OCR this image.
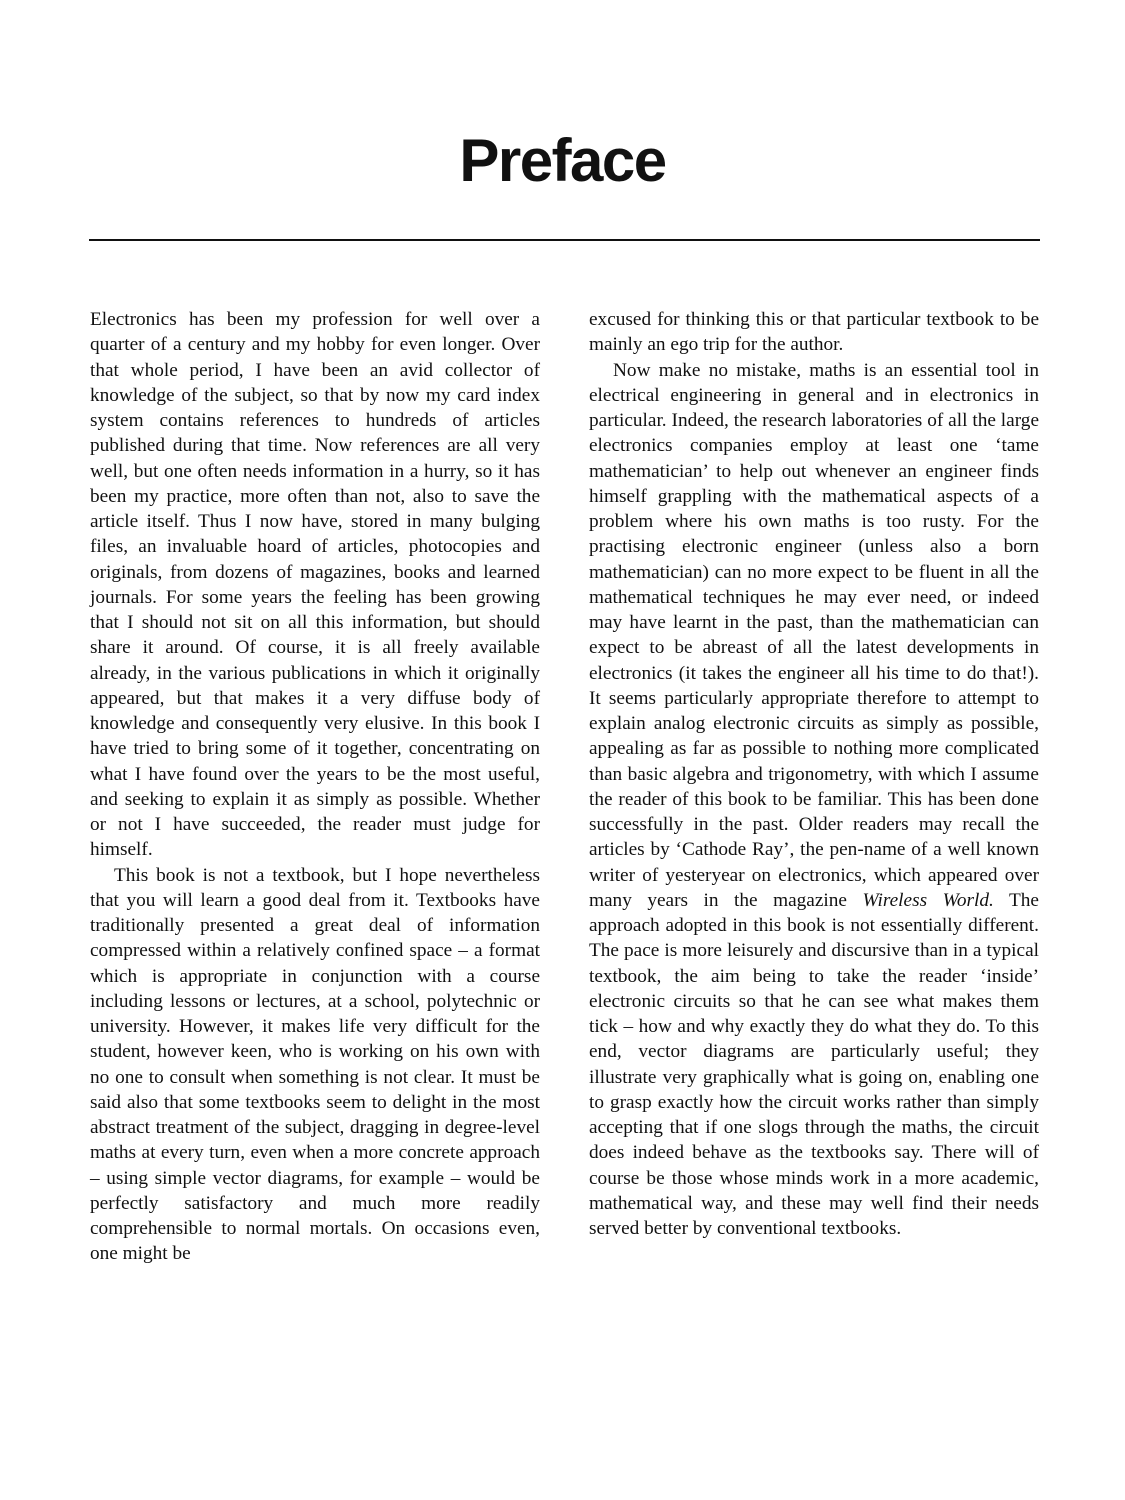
Preface

Electronics has been my profession for well over a quarter of a century and my hobby for even longer. Over that whole period, I have been an avid collector of knowledge of the subject, so that by now my card index system contains references to hundreds of articles published during that time. Now references are all very well, but one often needs information in a hurry, so it has been my practice, more often than not, also to save the article itself. Thus I now have, stored in many bulging files, an invaluable hoard of articles, photocopies and originals, from dozens of magazines, books and learned journals. For some years the feeling has been growing that I should not sit on all this information, but should share it around. Of course, it is all freely available already, in the various publications in which it originally appeared, but that makes it a very diffuse body of knowledge and consequently very elusive. In this book I have tried to bring some of it together, concentrating on what I have found over the years to be the most useful, and seeking to explain it as simply as possible. Whether or not I have succeeded, the reader must judge for himself.

This book is not a textbook, but I hope nevertheless that you will learn a good deal from it. Textbooks have traditionally presented a great deal of information compressed within a relatively confined space – a format which is appropriate in conjunction with a course including lessons or lectures, at a school, polytechnic or university. However, it makes life very difficult for the student, however keen, who is working on his own with no one to consult when something is not clear. It must be said also that some textbooks seem to delight in the most abstract treatment of the subject, dragging in degree-level maths at every turn, even when a more concrete approach – using simple vector diagrams, for example – would be perfectly satisfactory and much more readily comprehensible to normal mortals. On occasions even, one might be

excused for thinking this or that particular textbook to be mainly an ego trip for the author.

Now make no mistake, maths is an essential tool in electrical engineering in general and in electronics in particular. Indeed, the research laboratories of all the large electronics companies employ at least one ‘tame mathematician’ to help out whenever an engineer finds himself grappling with the mathematical aspects of a problem where his own maths is too rusty. For the practising electronic engineer (unless also a born mathematician) can no more expect to be fluent in all the mathematical techniques he may ever need, or indeed may have learnt in the past, than the mathematician can expect to be abreast of all the latest developments in electronics (it takes the engineer all his time to do that!). It seems particularly appropriate therefore to attempt to explain analog electronic circuits as simply as possible, appealing as far as possible to nothing more complicated than basic algebra and trigonometry, with which I assume the reader of this book to be familiar. This has been done successfully in the past. Older readers may recall the articles by ‘Cathode Ray’, the pen-name of a well known writer of yesteryear on electronics, which appeared over many years in the magazine Wireless World. The approach adopted in this book is not essentially different. The pace is more leisurely and discursive than in a typical textbook, the aim being to take the reader ‘inside’ electronic circuits so that he can see what makes them tick – how and why exactly they do what they do. To this end, vector diagrams are particularly useful; they illustrate very graphically what is going on, enabling one to grasp exactly how the circuit works rather than simply accepting that if one slogs through the maths, the circuit does indeed behave as the textbooks say. There will of course be those whose minds work in a more academic, mathematical way, and these may well find their needs served better by conventional textbooks.
